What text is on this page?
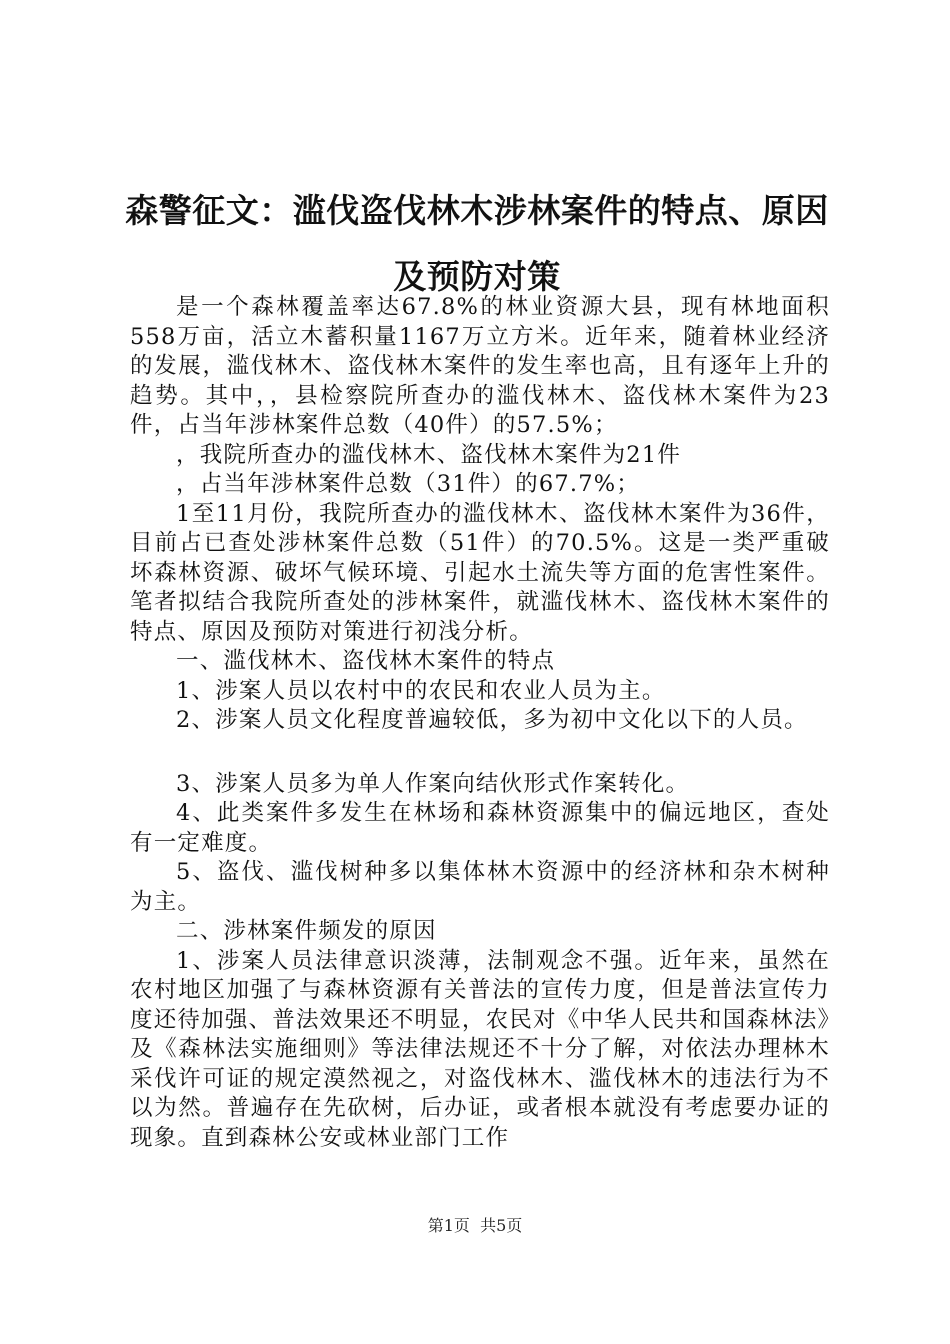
森警征文：滥伐盗伐林木涉林案件的特点、原因及预防对策

是一个森林覆盖率达67.8%的林业资源大县，现有林地面积558万亩，活立木蓄积量1167万立方米。近年来，随着林业经济的发展，滥伐林木、盗伐林木案件的发生率也高，且有逐年上升的趋势。其中，，县检察院所查办的滥伐林木、盗伐林木案件为23件，占当年涉林案件总数（40件）的57.5%；

，我院所查办的滥伐林木、盗伐林木案件为21件

，占当年涉林案件总数（31件）的67.7%；

1至11月份，我院所查办的滥伐林木、盗伐林木案件为36件，目前占已查处涉林案件总数（51件）的70.5%。这是一类严重破坏森林资源、破坏气候环境、引起水土流失等方面的危害性案件。笔者拟结合我院所查处的涉林案件，就滥伐林木、盗伐林木案件的特点、原因及预防对策进行初浅分析。

一、滥伐林木、盗伐林木案件的特点

1、涉案人员以农村中的农民和农业人员为主。

2、涉案人员文化程度普遍较低，多为初中文化以下的人员。

3、涉案人员多为单人作案向结伙形式作案转化。

4、此类案件多发生在林场和森林资源集中的偏远地区，查处有一定难度。

5、盗伐、滥伐树种多以集体林木资源中的经济林和杂木树种为主。

二、涉林案件频发的原因

1、涉案人员法律意识淡薄，法制观念不强。近年来，虽然在农村地区加强了与森林资源有关普法的宣传力度，但是普法宣传力度还待加强、普法效果还不明显，农民对《中华人民共和国森林法》及《森林法实施细则》等法律法规还不十分了解，对依法办理林木采伐许可证的规定漠然视之，对盗伐林木、滥伐林木的违法行为不以为然。普遍存在先砍树，后办证，或者根本就没有考虑要办证的现象。直到森林公安或林业部门工作

第1页  共5页
